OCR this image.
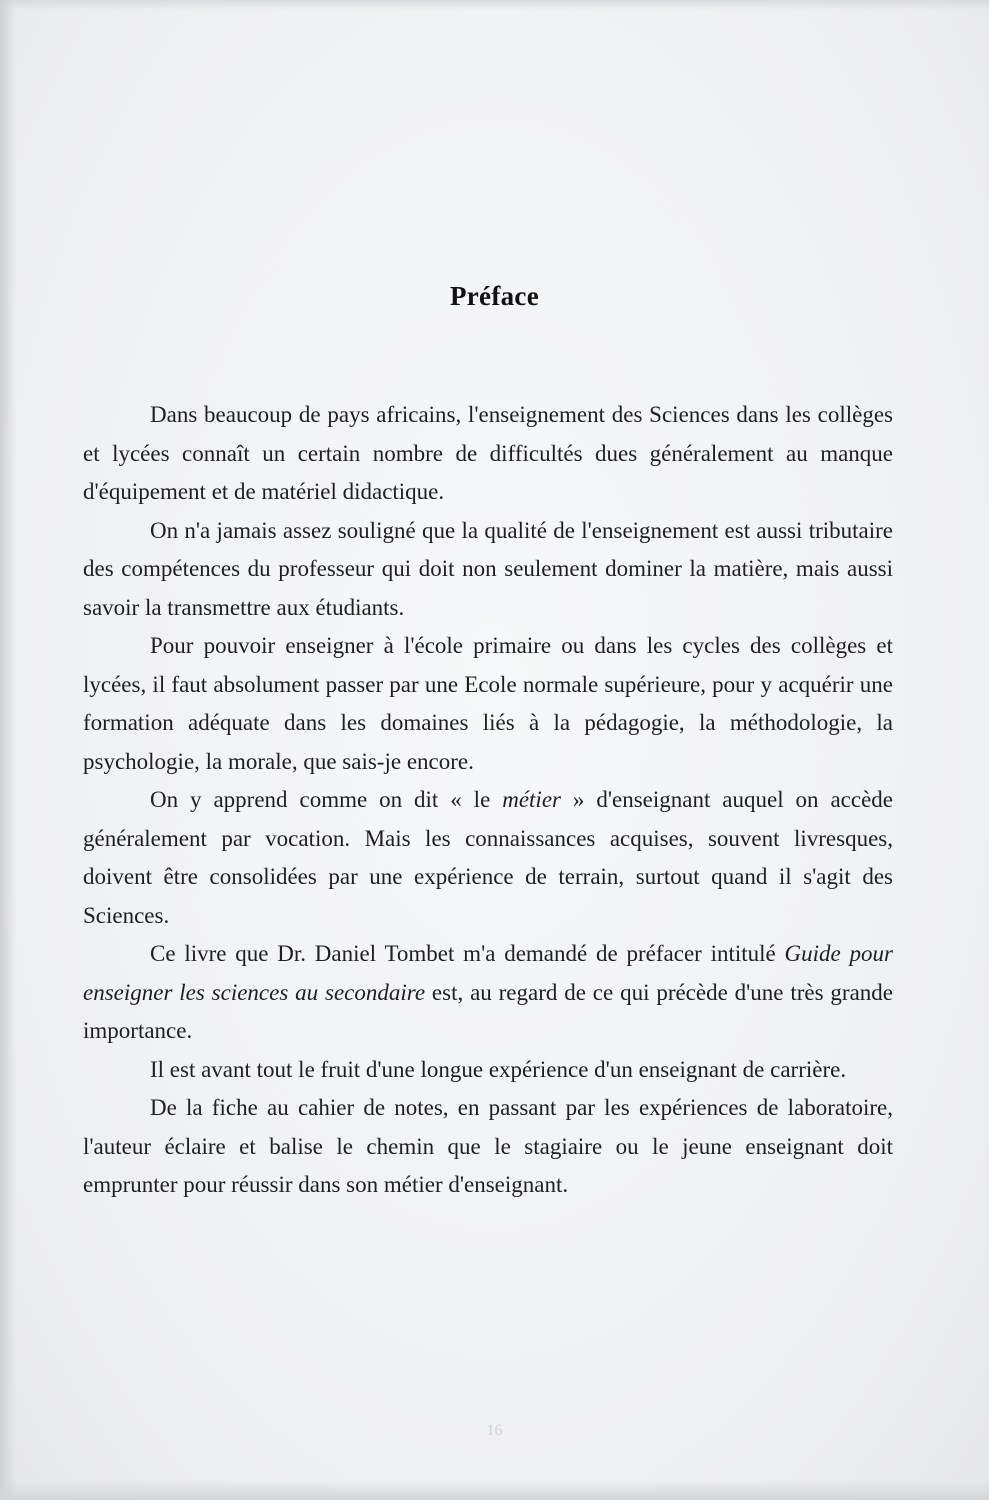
Préface

Dans beaucoup de pays africains, l'enseignement des Sciences dans les collèges et lycées connaît un certain nombre de difficultés dues généralement au manque d'équipement et de matériel didactique.

On n'a jamais assez souligné que la qualité de l'enseignement est aussi tributaire des compétences du professeur qui doit non seulement dominer la matière, mais aussi savoir la transmettre aux étudiants.

Pour pouvoir enseigner à l'école primaire ou dans les cycles des collèges et lycées, il faut absolument passer par une Ecole normale supérieure, pour y acquérir une formation adéquate dans les domaines liés à la pédagogie, la méthodologie, la psychologie, la morale, que sais-je encore.

On y apprend comme on dit « le métier » d'enseignant auquel on accède généralement par vocation. Mais les connaissances acquises, souvent livresques, doivent être consolidées par une expérience de terrain, surtout quand il s'agit des Sciences.

Ce livre que Dr. Daniel Tombet m'a demandé de préfacer intitulé Guide pour enseigner les sciences au secondaire est, au regard de ce qui précède d'une très grande importance.

Il est avant tout le fruit d'une longue expérience d'un enseignant de carrière.

De la fiche au cahier de notes, en passant par les expériences de laboratoire, l'auteur éclaire et balise le chemin que le stagiaire ou le jeune enseignant doit emprunter pour réussir dans son métier d'enseignant.

16
